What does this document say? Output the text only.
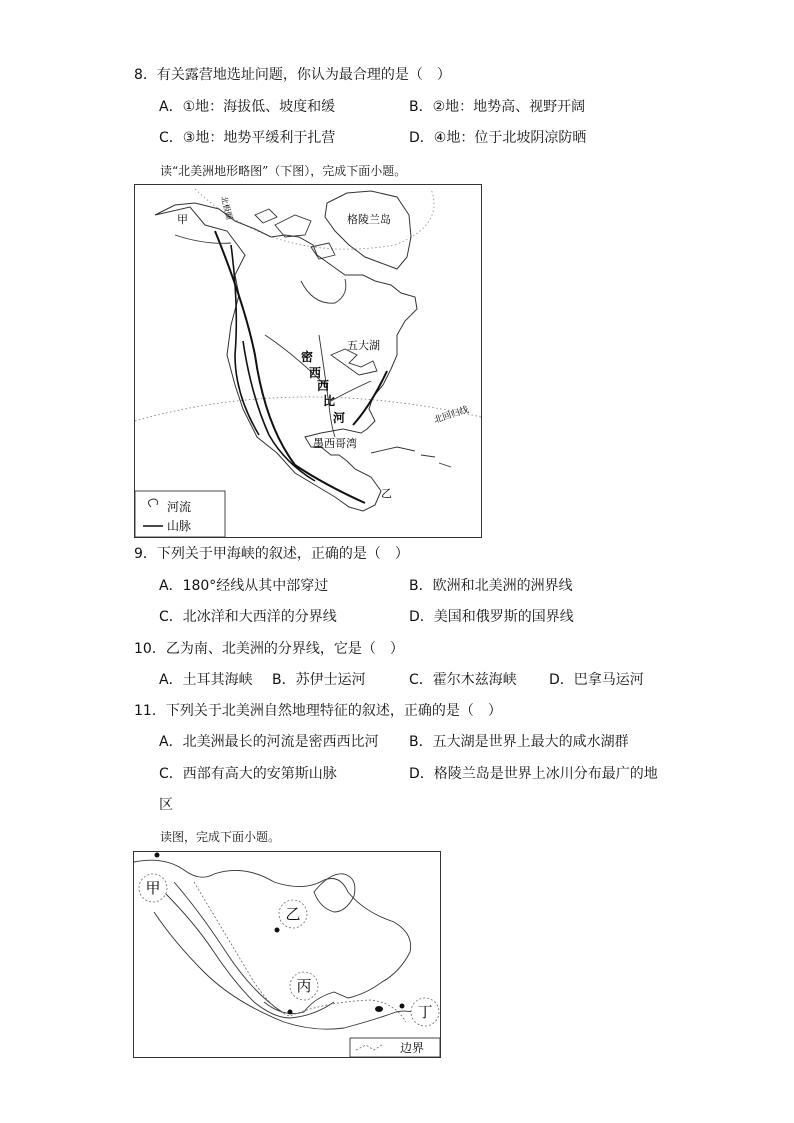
8．有关露营地选址问题，你认为最合理的是（　）
A．①地：海拔低、坡度和缓	B．②地：地势高、视野开阔
C．③地：地势平缓利于扎营	D．④地：位于北坡阴凉防晒
读“北美洲地形略图”（下图），完成下面小题。
甲	格陵兰岛
五大湖
密
西
西
比
河
墨西哥湾
北回归线
北极圈
乙
河流
山脉
9．下列关于甲海峡的叙述，正确的是（　）
A．180°经线从其中部穿过	B．欧洲和北美洲的洲界线
C．北冰洋和大西洋的分界线	D．美国和俄罗斯的国界线
10．乙为南、北美洲的分界线，它是（　）
A．土耳其海峡 B．苏伊士运河	C．霍尔木兹海峡 D．巴拿马运河
11．下列关于北美洲自然地理特征的叙述，正确的是（　）
A．北美洲最长的河流是密西西比河 B．五大湖是世界上最大的咸水湖群
C．西部有高大的安第斯山脉	D．格陵兰岛是世界上冰川分布最广的地
区
读图，完成下面小题。
甲
乙
丙
丁
边界
